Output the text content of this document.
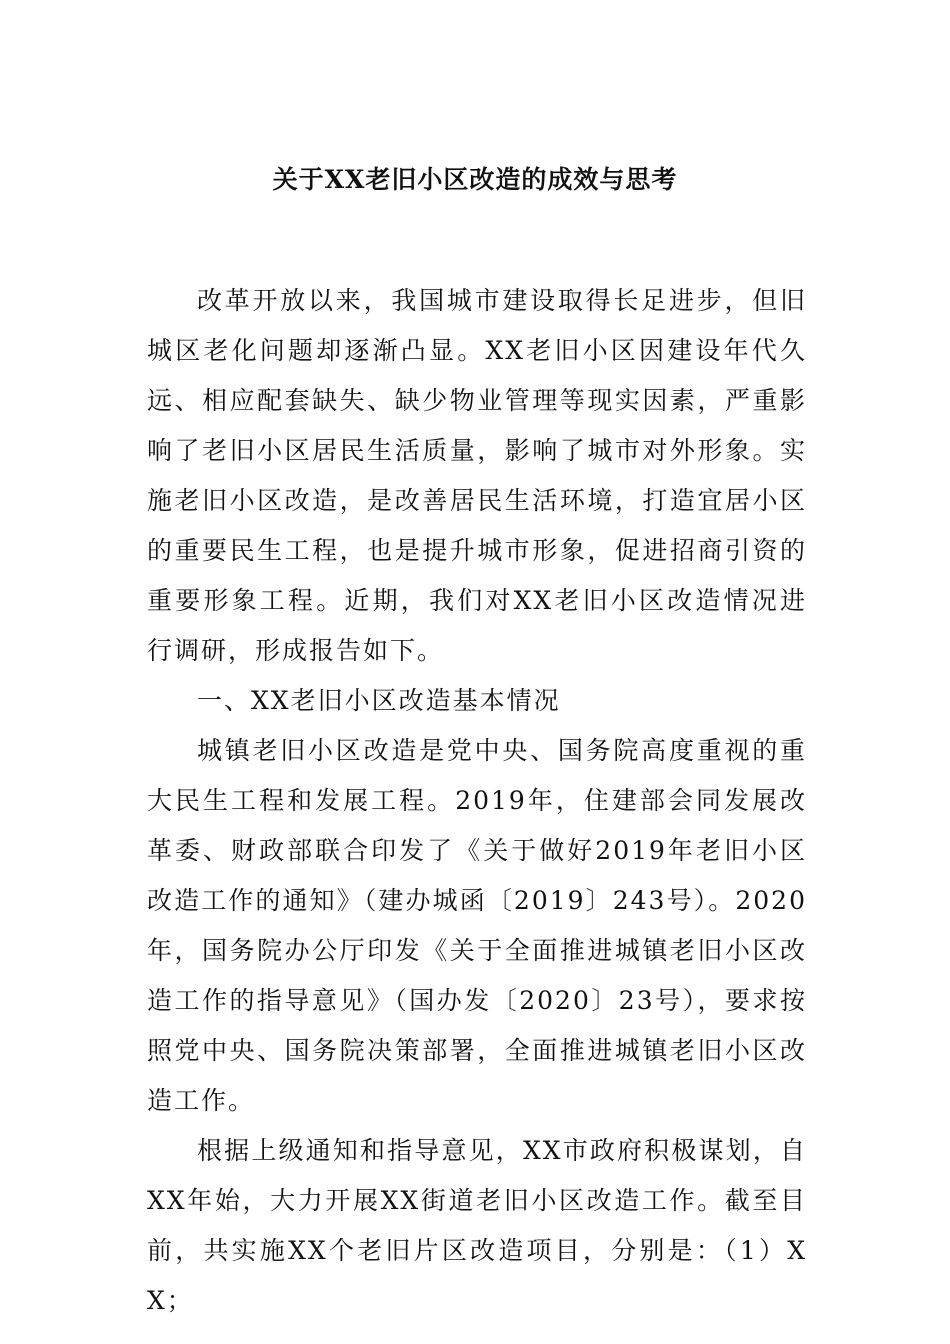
关于XX老旧小区改造的成效与思考

改革开放以来，我国城市建设取得长足进步，但旧城区老化问题却逐渐凸显。XX老旧小区因建设年代久远、相应配套缺失、缺少物业管理等现实因素，严重影响了老旧小区居民生活质量，影响了城市对外形象。实施老旧小区改造，是改善居民生活环境，打造宜居小区的重要民生工程，也是提升城市形象，促进招商引资的重要形象工程。近期，我们对XX老旧小区改造情况进行调研，形成报告如下。

一、XX老旧小区改造基本情况

城镇老旧小区改造是党中央、国务院高度重视的重大民生工程和发展工程。2019年，住建部会同发展改革委、财政部联合印发了《关于做好2019年老旧小区改造工作的通知》（建办城函〔2019〕243号）。2020年，国务院办公厅印发《关于全面推进城镇老旧小区改造工作的指导意见》（国办发〔2020〕23号），要求按照党中央、国务院决策部署，全面推进城镇老旧小区改造工作。

根据上级通知和指导意见，XX市政府积极谋划，自XX年始，大力开展XX街道老旧小区改造工作。截至目前，共实施XX个老旧片区改造项目，分别是：（1）XX；
